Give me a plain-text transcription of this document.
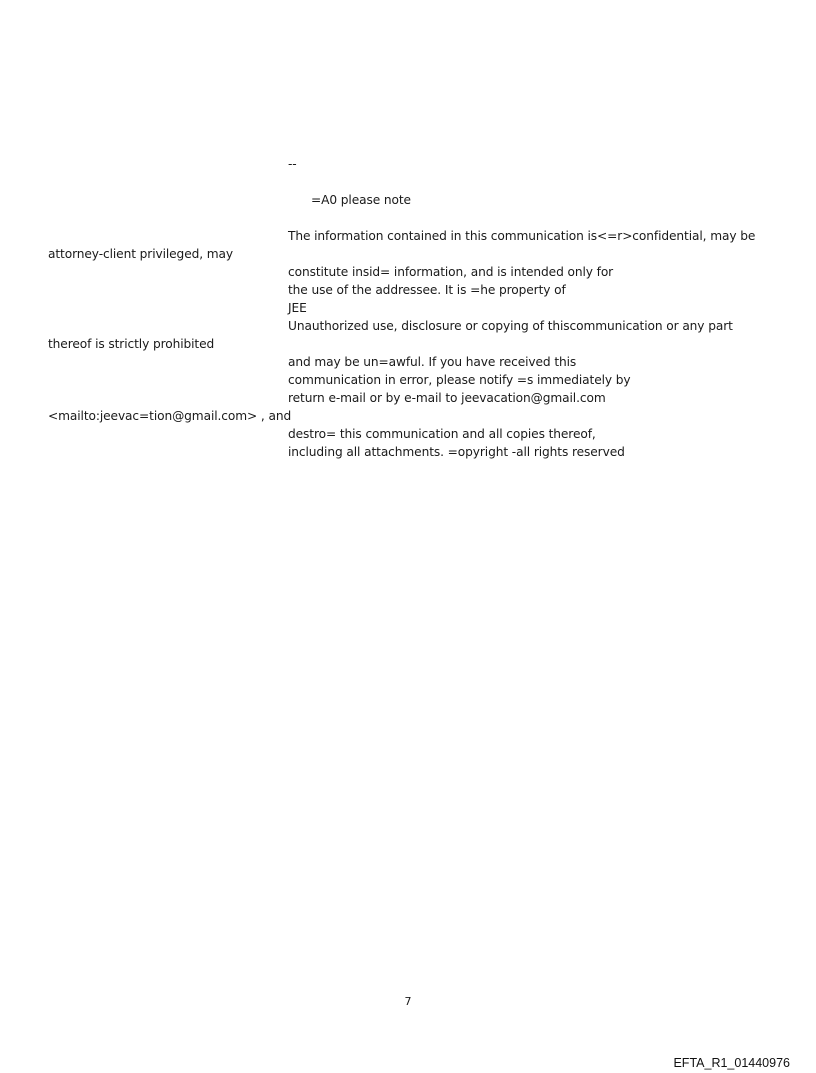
--
=A0 please note
The information contained in this communication is<=r>confidential, may be
attorney-client privileged, may
constitute insid= information, and is intended only for
the use of the addressee. It is =he property of
JEE
Unauthorized use, disclosure or copying of thiscommunication or any part
thereof is strictly prohibited
and may be un=awful. If you have received this
communication in error, please notify =s immediately by
return e-mail or by e-mail to jeevacation@gmail.com
<mailto:jeevac=tion@gmail.com> , and
destro= this communication and all copies thereof,
including all attachments. =opyright -all rights reserved
7
EFTA_R1_01440976
